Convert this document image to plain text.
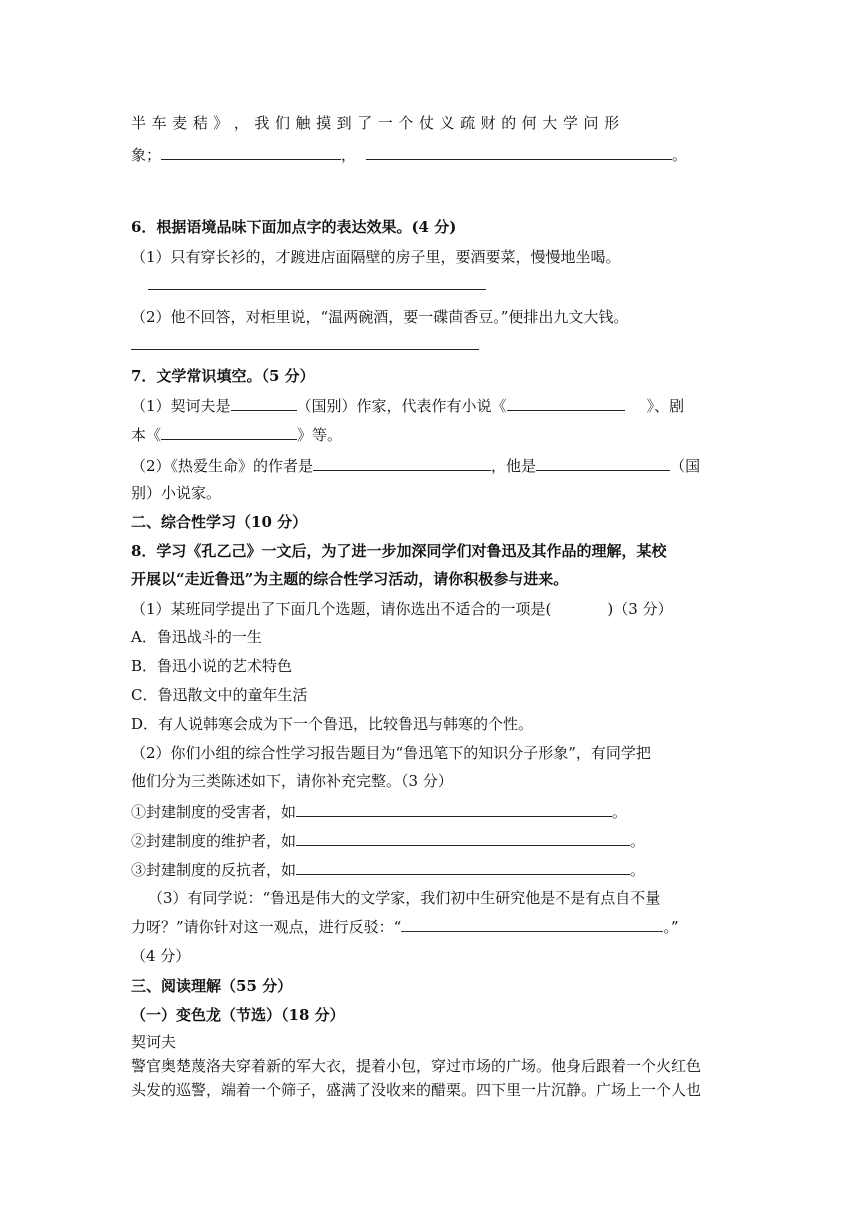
半 车 麦 秸 》 ， 我 们 触 摸 到 了 一 个 仗 义 疏 财 的 何 大 学 问 形
象；	，	。
6．根据语境品味下面加点字的表达效果。(4 分)
（1）只有穿长衫的，才踱进店面隔壁的房子里，要酒要菜，慢慢地坐喝。
（2）他不回答，对柜里说，“温两碗酒，要一碟茴香豆。”便排出九文大钱。
7．文学常识填空。（5 分）
（1）契诃夫是	（国别）作家，代表作有小说《	》、剧
本《	》等。
（2）《热爱生命》的作者是	，他是	（国
别）小说家。
二、综合性学习（10 分）
8．学习《孔乙己》一文后，为了进一步加深同学们对鲁迅及其作品的理解，某校
开展以“走近鲁迅”为主题的综合性学习活动，请你积极参与进来。
（1）某班同学提出了下面几个选题，请你选出不适合的一项是(	)（3 分）
A．鲁迅战斗的一生
B．鲁迅小说的艺术特色
C．鲁迅散文中的童年生活
D．有人说韩寒会成为下一个鲁迅，比较鲁迅与韩寒的个性。
（2）你们小组的综合性学习报告题目为“鲁迅笔下的知识分子形象”，有同学把
他们分为三类陈述如下，请你补充完整。（3 分）
①封建制度的受害者，如	。
②封建制度的维护者，如	。
③封建制度的反抗者，如	。
（3）有同学说：“鲁迅是伟大的文学家，我们初中生研究他是不是有点自不量
力呀？”请你针对这一观点，进行反驳：“	。”
（4 分）
三、阅读理解（55 分）
（一）变色龙（节选）（18 分）
契诃夫
警官奥楚蔑洛夫穿着新的军大衣，提着小包，穿过市场的广场。他身后跟着一个火红色
头发的巡警，端着一个筛子，盛满了没收来的醋栗。四下里一片沉静。广场上一个人也
